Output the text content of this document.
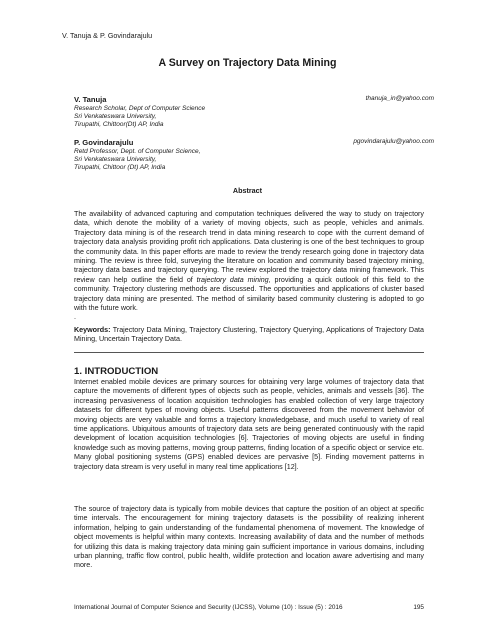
V. Tanuja & P. Govindarajulu
A Survey on Trajectory Data Mining
V. Tanuja	thanuja_in@yahoo.com
Research Scholar, Dept of Computer Science
Sri Venkateswara University,
Tirupathi, Chittoor(Dt) AP, India
P. Govindarajulu	pgovindarajulu@yahoo.com
Retd Professor, Dept. of Computer Science,
Sri Venkateswara University,
Tirupathi, Chittoor (Dt) AP, India
Abstract

The availability of advanced capturing and computation techniques delivered the way to study on trajectory data, which denote the mobility of a variety of moving objects, such as people, vehicles and animals. Trajectory data mining is of the research trend in data mining research to cope with the current demand of trajectory data analysis providing profit rich applications. Data clustering is one of the best techniques to group the community data. In this paper efforts are made to review the trendy research going done in trajectory data mining. The review is three fold, surveying the literature on location and community based trajectory mining, trajectory data bases and trajectory querying. The review explored the trajectory data mining framework. This review can help outline the field of trajectory data mining, providing a quick outlook of this field to the community. Trajectory clustering methods are discussed. The opportunities and applications of cluster based trajectory data mining are presented. The method of similarity based community clustering is adopted to go with the future work.

.

Keywords: Trajectory Data Mining, Trajectory Clustering, Trajectory Querying, Applications of Trajectory Data Mining, Uncertain Trajectory Data.

1. INTRODUCTION

Internet enabled mobile devices are primary sources for obtaining very large volumes of trajectory data that capture the movements of different types of objects such as people, vehicles, animals and vessels [36]. The increasing pervasiveness of location acquisition technologies has enabled collection of very large trajectory datasets for different types of moving objects. Useful patterns discovered from the movement behavior of moving objects are very valuable and forms a trajectory knowledgebase, and much useful to variety of real time applications. Ubiquitous amounts of trajectory data sets are being generated continuously with the rapid development of location acquisition technologies [6]. Trajectories of moving objects are useful in finding knowledge such as moving patterns, moving group patterns, finding location of a specific object or service etc. Many global positioning systems (GPS) enabled devices are pervasive [5]. Finding movement patterns in trajectory data stream is very useful in many real time applications [12].

The source of trajectory data is typically from mobile devices that capture the position of an object at specific time intervals. The encouragement for mining trajectory datasets is the possibility of realizing inherent information, helping to gain understanding of the fundamental phenomena of movement. The knowledge of object movements is helpful within many contexts. Increasing availability of data and the number of methods for utilizing this data is making trajectory data mining gain sufficient importance in various domains, including urban planning, traffic flow control, public health, wildlife protection and location aware advertising and many more.

International Journal of Computer Science and Security (IJCSS), Volume (10) : Issue (5) : 2016	195
